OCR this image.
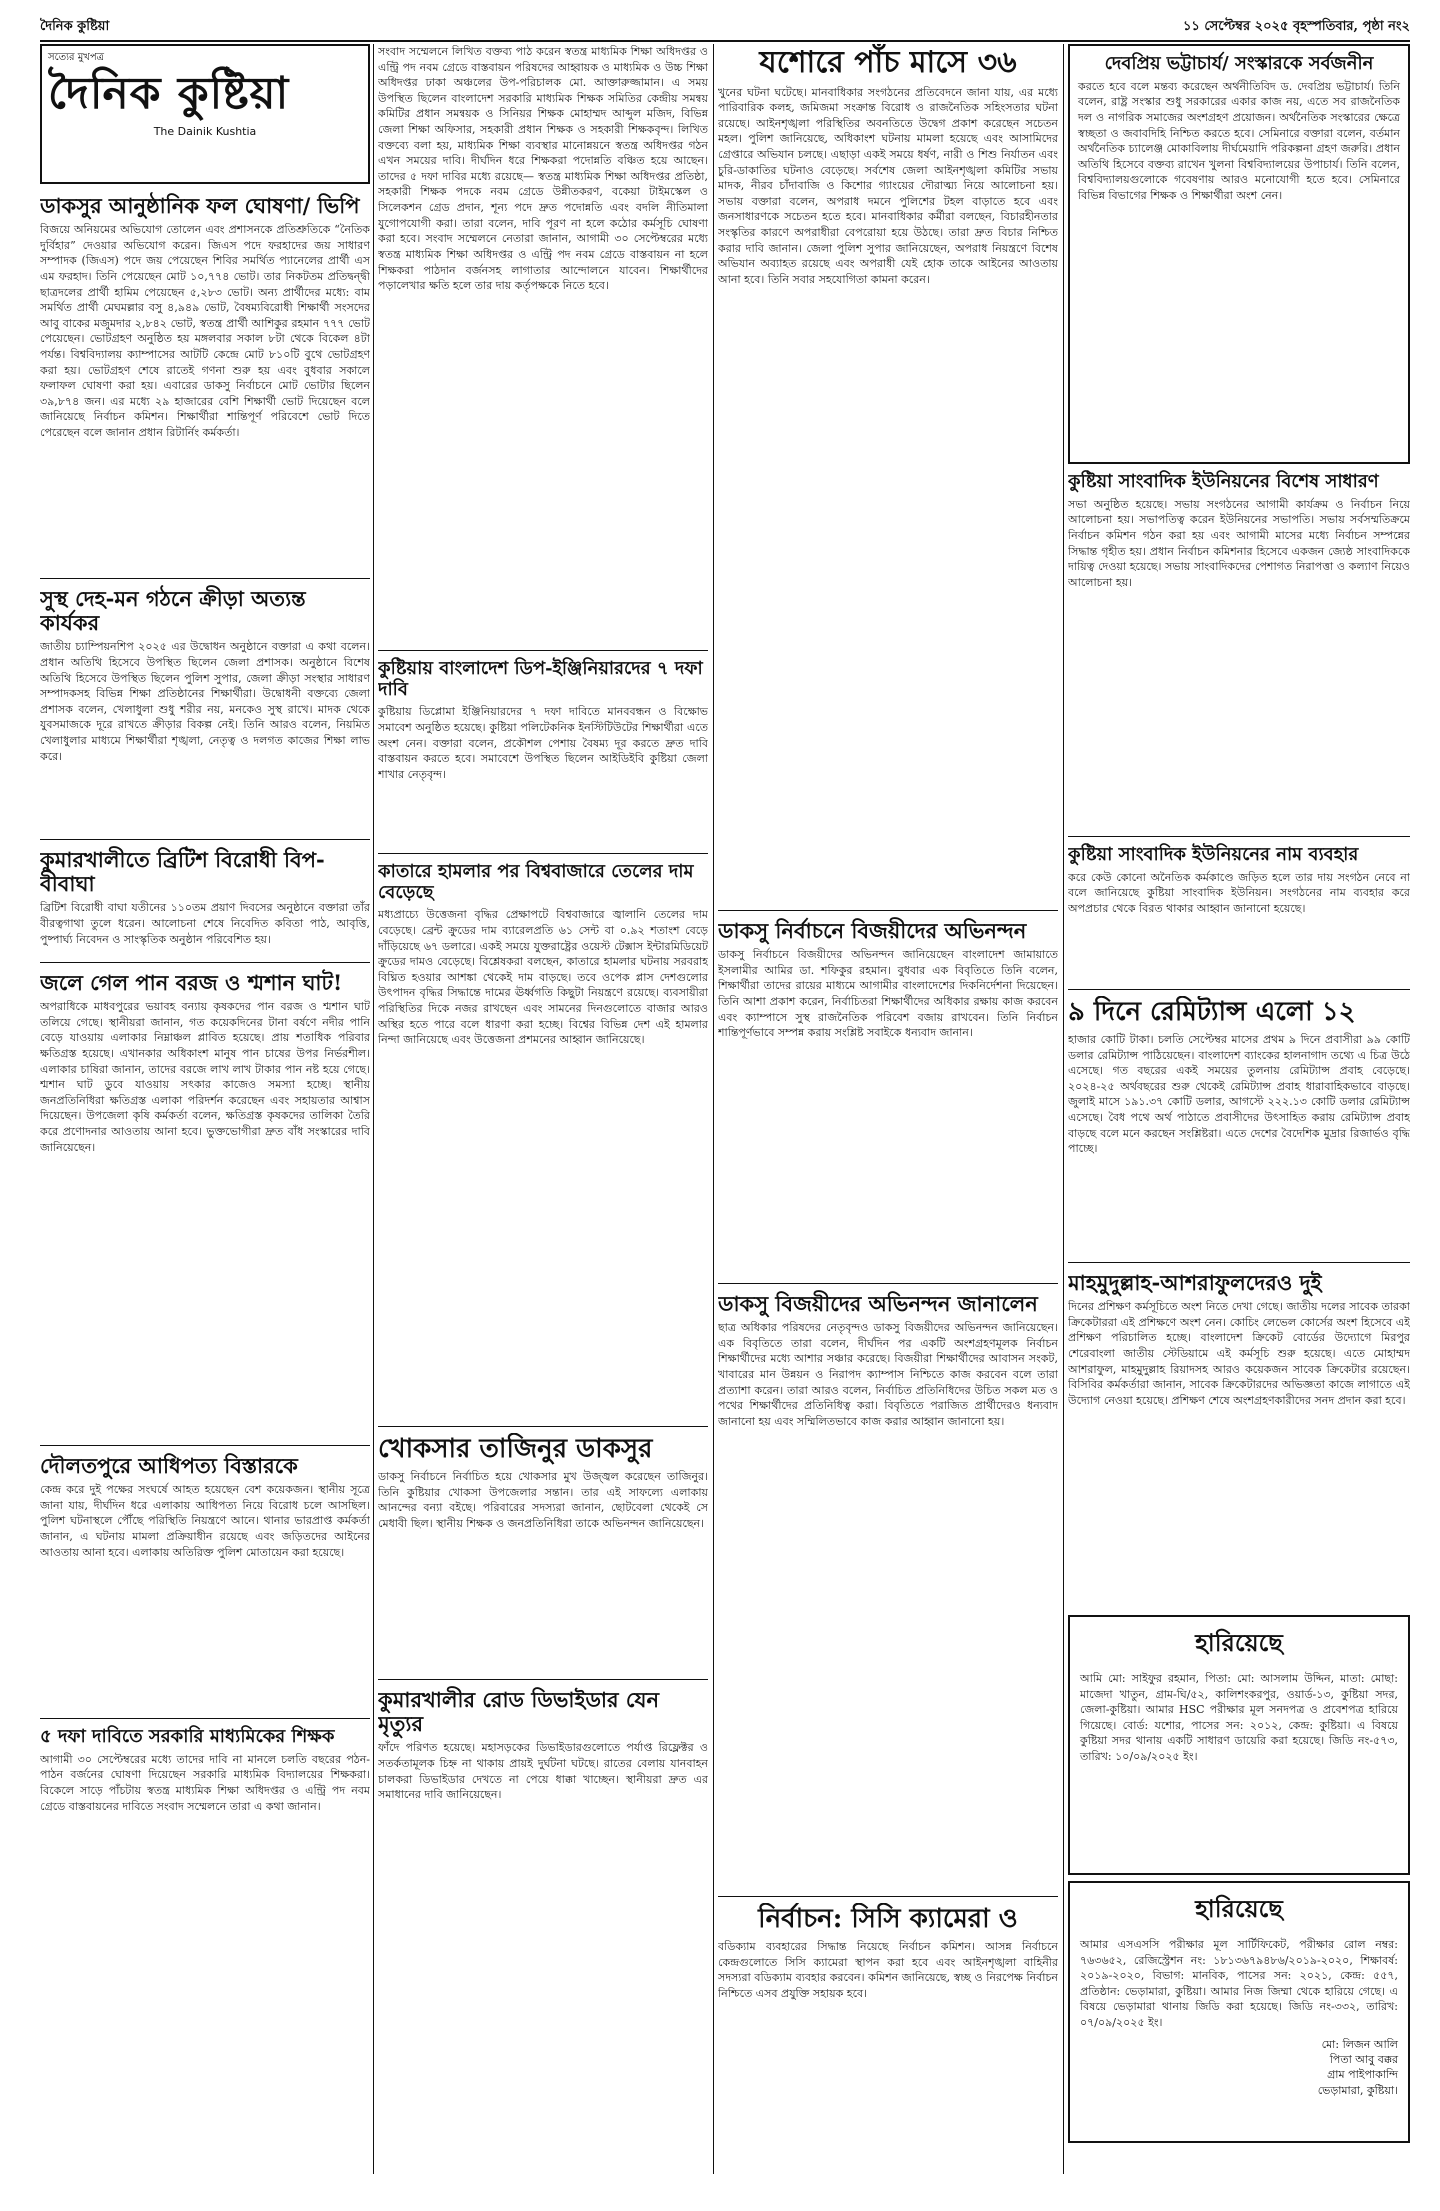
দৈনিক কুষ্টিয়া	১১ সেপ্টেম্বর ২০২৫ বৃহস্পতিবার, পৃষ্ঠা নং২
সত্যের মুখপত্র
দৈনিক কুষ্টিয়া
The Dainik Kushtia
ডাকসুর আনুষ্ঠানিক ফল ঘোষণা/ ভিপি
বিজয়ে অনিয়মের অভিযোগ তোলেন এবং প্রশাসনকে প্রতিশ্রুতিকে “নৈতিক দুর্বিহার” দেওয়ার অভিযোগ করেন। জিএস পদে ফরহাদের জয় সাধারণ সম্পাদক (জিএস) পদে জয় পেয়েছেন শিবির সমর্থিত প্যানেলের প্রার্থী এস এম ফরহাদ। তিনি পেয়েছেন মোট ১০,৭৭৪ ভোট। তার নিকটতম প্রতিদ্বন্দ্বী ছাত্রদলের প্রার্থী হামিম পেয়েছেন ৫,২৮৩ ভোট। অন্য প্রার্থীদের মধ্যে: বাম সমর্থিত প্রার্থী মেঘমল্লার বসু ৪,৯৪৯ ভোট, বৈষম্যবিরোধী শিক্ষার্থী সংসদের আবু বাকের মজুমদার ২,৮৪২ ভোট, স্বতন্ত্র প্রার্থী আশিকুর রহমান ৭৭৭ ভোট পেয়েছেন। ভোটগ্রহণ অনুষ্ঠিত হয় মঙ্গলবার সকাল ৮টা থেকে বিকেল ৪টা পর্যন্ত। বিশ্ববিদ্যালয় ক্যাম্পাসের আটটি কেন্দ্রে মোট ৮১০টি বুথে ভোটগ্রহণ করা হয়। ভোটগ্রহণ শেষে রাতেই গণনা শুরু হয় এবং বুধবার সকালে ফলাফল ঘোষণা করা হয়। এবারের ডাকসু নির্বাচনে মোট ভোটার ছিলেন ৩৯,৮৭৪ জন। এর মধ্যে ২৯ হাজারের বেশি শিক্ষার্থী ভোট দিয়েছেন বলে জানিয়েছে নির্বাচন কমিশন। শিক্ষার্থীরা শান্তিপূর্ণ পরিবেশে ভোট দিতে পেরেছেন বলে জানান প্রধান রিটার্নিং কর্মকর্তা।
সুস্থ দেহ-মন গঠনে ক্রীড়া অত্যন্ত কার্যকর
জাতীয় চ্যাম্পিয়নশিপ ২০২৫ এর উদ্বোধন অনুষ্ঠানে বক্তারা এ কথা বলেন। প্রধান অতিথি হিসেবে উপস্থিত ছিলেন জেলা প্রশাসক। অনুষ্ঠানে বিশেষ অতিথি হিসেবে উপস্থিত ছিলেন পুলিশ সুপার, জেলা ক্রীড়া সংস্থার সাধারণ সম্পাদকসহ বিভিন্ন শিক্ষা প্রতিষ্ঠানের শিক্ষার্থীরা। উদ্বোধনী বক্তব্যে জেলা প্রশাসক বলেন, খেলাধুলা শুধু শরীর নয়, মনকেও সুস্থ রাখে। মাদক থেকে যুবসমাজকে দূরে রাখতে ক্রীড়ার বিকল্প নেই। তিনি আরও বলেন, নিয়মিত খেলাধুলার মাধ্যমে শিক্ষার্থীরা শৃঙ্খলা, নেতৃত্ব ও দলগত কাজের শিক্ষা লাভ করে।
কুমারখালীতে ব্রিটিশ বিরোধী বিপ-বীবাঘা
ব্রিটিশ বিরোধী বাঘা যতীনের ১১০তম প্রয়াণ দিবসের অনুষ্ঠানে বক্তারা তাঁর বীরত্বগাথা তুলে ধরেন। আলোচনা শেষে নিবেদিত কবিতা পাঠ, আবৃত্তি, পুষ্পার্ঘ্য নিবেদন ও সাংস্কৃতিক অনুষ্ঠান পরিবেশিত হয়।
জলে গেল পান বরজ ও শ্মশান ঘাট!
অপরাধিকে মাধবপুরের ভয়াবহ বন্যায় কৃষকদের পান বরজ ও শ্মশান ঘাট তলিয়ে গেছে। স্থানীয়রা জানান, গত কয়েকদিনের টানা বর্ষণে নদীর পানি বেড়ে যাওয়ায় এলাকার নিম্নাঞ্চল প্লাবিত হয়েছে। প্রায় শতাধিক পরিবার ক্ষতিগ্রস্ত হয়েছে। এখানকার অধিকাংশ মানুষ পান চাষের উপর নির্ভরশীল। এলাকার চাষিরা জানান, তাদের বরজে লাখ লাখ টাকার পান নষ্ট হয়ে গেছে। শ্মশান ঘাট ডুবে যাওয়ায় সৎকার কাজেও সমস্যা হচ্ছে। স্থানীয় জনপ্রতিনিধিরা ক্ষতিগ্রস্ত এলাকা পরিদর্শন করেছেন এবং সহায়তার আশ্বাস দিয়েছেন। উপজেলা কৃষি কর্মকর্তা বলেন, ক্ষতিগ্রস্ত কৃষকদের তালিকা তৈরি করে প্রণোদনার আওতায় আনা হবে। ভুক্তভোগীরা দ্রুত বাঁধ সংস্কারের দাবি জানিয়েছেন।
দৌলতপুরে আধিপত্য বিস্তারকে
কেন্দ্র করে দুই পক্ষের সংঘর্ষে আহত হয়েছেন বেশ কয়েকজন। স্থানীয় সূত্রে জানা যায়, দীর্ঘদিন ধরে এলাকায় আধিপত্য নিয়ে বিরোধ চলে আসছিল। পুলিশ ঘটনাস্থলে পৌঁছে পরিস্থিতি নিয়ন্ত্রণে আনে। থানার ভারপ্রাপ্ত কর্মকর্তা জানান, এ ঘটনায় মামলা প্রক্রিয়াধীন রয়েছে এবং জড়িতদের আইনের আওতায় আনা হবে। এলাকায় অতিরিক্ত পুলিশ মোতায়েন করা হয়েছে।
৫ দফা দাবিতে সরকারি মাধ্যমিকের শিক্ষক
আগামী ৩০ সেপ্টেম্বরের মধ্যে তাদের দাবি না মানলে চলতি বছরের পঠন-পাঠন বর্জনের ঘোষণা দিয়েছেন সরকারি মাধ্যমিক বিদ্যালয়ের শিক্ষকরা। বিকেলে সাড়ে পাঁচটায় স্বতন্ত্র মাধ্যমিক শিক্ষা অধিদপ্তর ও এন্ট্রি পদ নবম গ্রেডে বাস্তবায়নের দাবিতে সংবাদ সম্মেলনে তারা এ কথা জানান।
সংবাদ সম্মেলনে লিখিত বক্তব্য পাঠ করেন স্বতন্ত্র মাধ্যমিক শিক্ষা অধিদপ্তর ও এন্ট্রি পদ নবম গ্রেডে বাস্তবায়ন পরিষদের আহ্বায়ক ও মাধ্যমিক ও উচ্চ শিক্ষা অধিদপ্তর ঢাকা অঞ্চলের উপ-পরিচালক মো. আক্তারুজ্জামান। এ সময় উপস্থিত ছিলেন বাংলাদেশ সরকারি মাধ্যমিক শিক্ষক সমিতির কেন্দ্রীয় সমন্বয় কমিটির প্রধান সমন্বয়ক ও সিনিয়র শিক্ষক মোহাম্মদ আব্দুল মজিদ, বিভিন্ন জেলা শিক্ষা অফিসার, সহকারী প্রধান শিক্ষক ও সহকারী শিক্ষকবৃন্দ। লিখিত বক্তব্যে বলা হয়, মাধ্যমিক শিক্ষা ব্যবস্থার মানোন্নয়নে স্বতন্ত্র অধিদপ্তর গঠন এখন সময়ের দাবি। দীর্ঘদিন ধরে শিক্ষকরা পদোন্নতি বঞ্চিত হয়ে আছেন। তাদের ৫ দফা দাবির মধ্যে রয়েছে— স্বতন্ত্র মাধ্যমিক শিক্ষা অধিদপ্তর প্রতিষ্ঠা, সহকারী শিক্ষক পদকে নবম গ্রেডে উন্নীতকরণ, বকেয়া টাইমস্কেল ও সিলেকশন গ্রেড প্রদান, শূন্য পদে দ্রুত পদোন্নতি এবং বদলি নীতিমালা যুগোপযোগী করা। তারা বলেন, দাবি পূরণ না হলে কঠোর কর্মসূচি ঘোষণা করা হবে। সংবাদ সম্মেলনে নেতারা জানান, আগামী ৩০ সেপ্টেম্বরের মধ্যে স্বতন্ত্র মাধ্যমিক শিক্ষা অধিদপ্তর ও এন্ট্রি পদ নবম গ্রেডে বাস্তবায়ন না হলে শিক্ষকরা পাঠদান বর্জনসহ লাগাতার আন্দোলনে যাবেন। শিক্ষার্থীদের পড়ালেখার ক্ষতি হলে তার দায় কর্তৃপক্ষকে নিতে হবে।
কুষ্টিয়ায় বাংলাদেশ ডিপ-ইঞ্জিনিয়ারদের ৭ দফা দাবি
কুষ্টিয়ায় ডিপ্লোমা ইঞ্জিনিয়ারদের ৭ দফা দাবিতে মানববন্ধন ও বিক্ষোভ সমাবেশ অনুষ্ঠিত হয়েছে। কুষ্টিয়া পলিটেকনিক ইনস্টিটিউটের শিক্ষার্থীরা এতে অংশ নেন। বক্তারা বলেন, প্রকৌশল পেশায় বৈষম্য দূর করতে দ্রুত দাবি বাস্তবায়ন করতে হবে। সমাবেশে উপস্থিত ছিলেন আইডিইবি কুষ্টিয়া জেলা শাখার নেতৃবৃন্দ।
কাতারে হামলার পর বিশ্ববাজারে তেলের দাম বেড়েছে
মধ্যপ্রাচ্যে উত্তেজনা বৃদ্ধির প্রেক্ষাপটে বিশ্ববাজারে জ্বালানি তেলের দাম বেড়েছে। ব্রেন্ট ক্রুডের দাম ব্যারেলপ্রতি ৬১ সেন্ট বা ০.৯২ শতাংশ বেড়ে দাঁড়িয়েছে ৬৭ ডলারে। একই সময়ে যুক্তরাষ্ট্রের ওয়েস্ট টেক্সাস ইন্টারমিডিয়েট ক্রুডের দামও বেড়েছে। বিশ্লেষকরা বলছেন, কাতারে হামলার ঘটনায় সরবরাহ বিঘ্নিত হওয়ার আশঙ্কা থেকেই দাম বাড়ছে। তবে ওপেক প্লাস দেশগুলোর উৎপাদন বৃদ্ধির সিদ্ধান্তে দামের ঊর্ধ্বগতি কিছুটা নিয়ন্ত্রণে রয়েছে। ব্যবসায়ীরা পরিস্থিতির দিকে নজর রাখছেন এবং সামনের দিনগুলোতে বাজার আরও অস্থির হতে পারে বলে ধারণা করা হচ্ছে। বিশ্বের বিভিন্ন দেশ এই হামলার নিন্দা জানিয়েছে এবং উত্তেজনা প্রশমনের আহ্বান জানিয়েছে।
খোকসার তাজিনুর ডাকসুর
ডাকসু নির্বাচনে নির্বাচিত হয়ে খোকসার মুখ উজ্জ্বল করেছেন তাজিনুর। তিনি কুষ্টিয়ার খোকসা উপজেলার সন্তান। তার এই সাফল্যে এলাকায় আনন্দের বন্যা বইছে। পরিবারের সদস্যরা জানান, ছোটবেলা থেকেই সে মেধাবী ছিল। স্থানীয় শিক্ষক ও জনপ্রতিনিধিরা তাকে অভিনন্দন জানিয়েছেন।
কুমারখালীর রোড ডিভাইডার যেন মৃত্যুর
ফাঁদে পরিণত হয়েছে। মহাসড়কের ডিভাইডারগুলোতে পর্যাপ্ত রিফ্লেক্টর ও সতর্কতামূলক চিহ্ন না থাকায় প্রায়ই দুর্ঘটনা ঘটছে। রাতের বেলায় যানবাহন চালকরা ডিভাইডার দেখতে না পেয়ে ধাক্কা খাচ্ছেন। স্থানীয়রা দ্রুত এর সমাধানের দাবি জানিয়েছেন।
যশোরে পাঁচ মাসে ৩৬
খুনের ঘটনা ঘটেছে। মানবাধিকার সংগঠনের প্রতিবেদনে জানা যায়, এর মধ্যে পারিবারিক কলহ, জমিজমা সংক্রান্ত বিরোধ ও রাজনৈতিক সহিংসতার ঘটনা রয়েছে। আইনশৃঙ্খলা পরিস্থিতির অবনতিতে উদ্বেগ প্রকাশ করেছেন সচেতন মহল। পুলিশ জানিয়েছে, অধিকাংশ ঘটনায় মামলা হয়েছে এবং আসামিদের গ্রেপ্তারে অভিযান চলছে। এছাড়া একই সময়ে ধর্ষণ, নারী ও শিশু নির্যাতন এবং চুরি-ডাকাতির ঘটনাও বেড়েছে। সর্বশেষ জেলা আইনশৃঙ্খলা কমিটির সভায় মাদক, নীরব চাঁদাবাজি ও কিশোর গ্যাংয়ের দৌরাত্ম্য নিয়ে আলোচনা হয়। সভায় বক্তারা বলেন, অপরাধ দমনে পুলিশের টহল বাড়াতে হবে এবং জনসাধারণকে সচেতন হতে হবে। মানবাধিকার কর্মীরা বলছেন, বিচারহীনতার সংস্কৃতির কারণে অপরাধীরা বেপরোয়া হয়ে উঠছে। তারা দ্রুত বিচার নিশ্চিত করার দাবি জানান। জেলা পুলিশ সুপার জানিয়েছেন, অপরাধ নিয়ন্ত্রণে বিশেষ অভিযান অব্যাহত রয়েছে এবং অপরাধী যেই হোক তাকে আইনের আওতায় আনা হবে। তিনি সবার সহযোগিতা কামনা করেন।
ডাকসু নির্বাচনে বিজয়ীদের অভিনন্দন
ডাকসু নির্বাচনে বিজয়ীদের অভিনন্দন জানিয়েছেন বাংলাদেশ জামায়াতে ইসলামীর আমির ডা. শফিকুর রহমান। বুধবার এক বিবৃতিতে তিনি বলেন, শিক্ষার্থীরা তাদের রায়ের মাধ্যমে আগামীর বাংলাদেশের দিকনির্দেশনা দিয়েছেন। তিনি আশা প্রকাশ করেন, নির্বাচিতরা শিক্ষার্থীদের অধিকার রক্ষায় কাজ করবেন এবং ক্যাম্পাসে সুস্থ রাজনৈতিক পরিবেশ বজায় রাখবেন। তিনি নির্বাচন শান্তিপূর্ণভাবে সম্পন্ন করায় সংশ্লিষ্ট সবাইকে ধন্যবাদ জানান।
ডাকসু বিজয়ীদের অভিনন্দন জানালেন
ছাত্র অধিকার পরিষদের নেতৃবৃন্দও ডাকসু বিজয়ীদের অভিনন্দন জানিয়েছেন। এক বিবৃতিতে তারা বলেন, দীর্ঘদিন পর একটি অংশগ্রহণমূলক নির্বাচন শিক্ষার্থীদের মধ্যে আশার সঞ্চার করেছে। বিজয়ীরা শিক্ষার্থীদের আবাসন সংকট, খাবারের মান উন্নয়ন ও নিরাপদ ক্যাম্পাস নিশ্চিতে কাজ করবেন বলে তারা প্রত্যাশা করেন। তারা আরও বলেন, নির্বাচিত প্রতিনিধিদের উচিত সকল মত ও পথের শিক্ষার্থীদের প্রতিনিধিত্ব করা। বিবৃতিতে পরাজিত প্রার্থীদেরও ধন্যবাদ জানানো হয় এবং সম্মিলিতভাবে কাজ করার আহ্বান জানানো হয়।
নির্বাচন: সিসি ক্যামেরা ও
বডিক্যাম ব্যবহারের সিদ্ধান্ত নিয়েছে নির্বাচন কমিশন। আসন্ন নির্বাচনে কেন্দ্রগুলোতে সিসি ক্যামেরা স্থাপন করা হবে এবং আইনশৃঙ্খলা বাহিনীর সদস্যরা বডিক্যাম ব্যবহার করবেন। কমিশন জানিয়েছে, স্বচ্ছ ও নিরপেক্ষ নির্বাচন নিশ্চিতে এসব প্রযুক্তি সহায়ক হবে।
দেবপ্রিয় ভট্টাচার্য/ সংস্কারকে সর্বজনীন
করতে হবে বলে মন্তব্য করেছেন অর্থনীতিবিদ ড. দেবপ্রিয় ভট্টাচার্য। তিনি বলেন, রাষ্ট্র সংস্কার শুধু সরকারের একার কাজ নয়, এতে সব রাজনৈতিক দল ও নাগরিক সমাজের অংশগ্রহণ প্রয়োজন। অর্থনৈতিক সংস্কারের ক্ষেত্রে স্বচ্ছতা ও জবাবদিহি নিশ্চিত করতে হবে। সেমিনারে বক্তারা বলেন, বর্তমান অর্থনৈতিক চ্যালেঞ্জ মোকাবিলায় দীর্ঘমেয়াদি পরিকল্পনা গ্রহণ জরুরি। প্রধান অতিথি হিসেবে বক্তব্য রাখেন খুলনা বিশ্ববিদ্যালয়ের উপাচার্য। তিনি বলেন, বিশ্ববিদ্যালয়গুলোকে গবেষণায় আরও মনোযোগী হতে হবে। সেমিনারে বিভিন্ন বিভাগের শিক্ষক ও শিক্ষার্থীরা অংশ নেন।
কুষ্টিয়া সাংবাদিক ইউনিয়নের বিশেষ সাধারণ
সভা অনুষ্ঠিত হয়েছে। সভায় সংগঠনের আগামী কার্যক্রম ও নির্বাচন নিয়ে আলোচনা হয়। সভাপতিত্ব করেন ইউনিয়নের সভাপতি। সভায় সর্বসম্মতিক্রমে নির্বাচন কমিশন গঠন করা হয় এবং আগামী মাসের মধ্যে নির্বাচন সম্পন্নের সিদ্ধান্ত গৃহীত হয়। প্রধান নির্বাচন কমিশনার হিসেবে একজন জ্যেষ্ঠ সাংবাদিককে দায়িত্ব দেওয়া হয়েছে। সভায় সাংবাদিকদের পেশাগত নিরাপত্তা ও কল্যাণ নিয়েও আলোচনা হয়।
কুষ্টিয়া সাংবাদিক ইউনিয়নের নাম ব্যবহার
করে কেউ কোনো অনৈতিক কর্মকাণ্ডে জড়িত হলে তার দায় সংগঠন নেবে না বলে জানিয়েছে কুষ্টিয়া সাংবাদিক ইউনিয়ন। সংগঠনের নাম ব্যবহার করে অপপ্রচার থেকে বিরত থাকার আহ্বান জানানো হয়েছে।
৯ দিনে রেমিট্যান্স এলো ১২
হাজার কোটি টাকা। চলতি সেপ্টেম্বর মাসের প্রথম ৯ দিনে প্রবাসীরা ৯৯ কোটি ডলার রেমিট্যান্স পাঠিয়েছেন। বাংলাদেশ ব্যাংকের হালনাগাদ তথ্যে এ চিত্র উঠে এসেছে। গত বছরের একই সময়ের তুলনায় রেমিট্যান্স প্রবাহ বেড়েছে। ২০২৪-২৫ অর্থবছরের শুরু থেকেই রেমিট্যান্স প্রবাহ ধারাবাহিকভাবে বাড়ছে। জুলাই মাসে ১৯১.৩৭ কোটি ডলার, আগস্টে ২২২.১৩ কোটি ডলার রেমিট্যান্স এসেছে। বৈধ পথে অর্থ পাঠাতে প্রবাসীদের উৎসাহিত করায় রেমিট্যান্স প্রবাহ বাড়ছে বলে মনে করছেন সংশ্লিষ্টরা। এতে দেশের বৈদেশিক মুদ্রার রিজার্ভও বৃদ্ধি পাচ্ছে।
মাহমুদুল্লাহ-আশরাফুলদেরও দুই
দিনের প্রশিক্ষণ কর্মসূচিতে অংশ নিতে দেখা গেছে। জাতীয় দলের সাবেক তারকা ক্রিকেটাররা এই প্রশিক্ষণে অংশ নেন। কোচিং লেভেল কোর্সের অংশ হিসেবে এই প্রশিক্ষণ পরিচালিত হচ্ছে। বাংলাদেশ ক্রিকেট বোর্ডের উদ্যোগে মিরপুর শেরেবাংলা জাতীয় স্টেডিয়ামে এই কর্মসূচি শুরু হয়েছে। এতে মোহাম্মদ আশরাফুল, মাহমুদুল্লাহ রিয়াদসহ আরও কয়েকজন সাবেক ক্রিকেটার রয়েছেন। বিসিবির কর্মকর্তারা জানান, সাবেক ক্রিকেটারদের অভিজ্ঞতা কাজে লাগাতে এই উদ্যোগ নেওয়া হয়েছে। প্রশিক্ষণ শেষে অংশগ্রহণকারীদের সনদ প্রদান করা হবে।
হারিয়েছে
আমি মো: সাইফুর রহমান, পিতা: মো: আসলাম উদ্দিন, মাতা: মোছা: মাজেদা খাতুন, গ্রাম-ঘি/৫২, কালিশংকরপুর, ওয়ার্ড-১৩, কুষ্টিয়া সদর, জেলা-কুষ্টিয়া। আমার HSC পরীক্ষার মূল সনদপত্র ও প্রবেশপত্র হারিয়ে গিয়েছে। বোর্ড: যশোর, পাসের সন: ২০১২, কেন্দ্র: কুষ্টিয়া। এ বিষয়ে কুষ্টিয়া সদর থানায় একটি সাধারণ ডায়েরি করা হয়েছে। জিডি নং-৫৭৩, তারিখ: ১০/০৯/২০২৫ ইং।
হারিয়েছে
আমার এসএসসি পরীক্ষার মূল সার্টিফিকেট, পরীক্ষার রোল নম্বর: ৭৬৩৬৫২, রেজিস্ট্রেশন নং: ১৮১৩৬৭৯৪৮৬/২০১৯-২০২০, শিক্ষাবর্ষ: ২০১৯-২০২০, বিভাগ: মানবিক, পাসের সন: ২০২১, কেন্দ্র: ৫৫৭, প্রতিষ্ঠান: ভেড়ামারা, কুষ্টিয়া। আমার নিজ জিম্মা থেকে হারিয়ে গেছে। এ বিষয়ে ভেড়ামারা থানায় জিডি করা হয়েছে। জিডি নং-৩৩২, তারিখ: ০৭/০৯/২০২৫ ইং।
মো: লিজন আলি
পিতা আবু বক্কর
গ্রাম পাইপাকান্দি
ভেড়ামারা, কুষ্টিয়া।
